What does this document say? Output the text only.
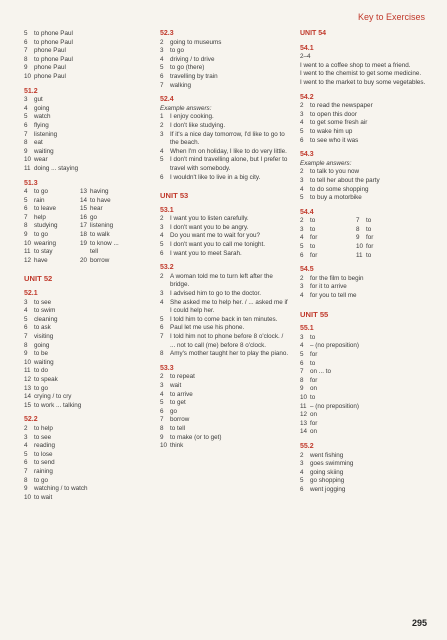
Key to Exercises
5	to phone Paul
6	to phone Paul
7	phone Paul
8	to phone Paul
9	phone Paul
10 phone Paul
51.2
3	gut
4	going
5	watch
6	flying
7	listening
8	eat
9	waiting
10 wear
11 doing ... staying
51.3
4	to go	13 having
5	rain	14 to have
6	to leave	15 hear
7	help	16 go
8	studying	17 listening
9	to go	18 to walk
10 wearing	19 to know ...
11 to stay	tell
12 have	20 borrow
UNIT 52
52.1
3	to see
4	to swim
5	cleaning
6	to ask
7	visiting
8	going
9	to be
10 waiting
11 to do
12 to speak
13 to go
14 crying / to cry
15 to work ... talking
52.2
2	to help
3	to see
4	reading
5	to lose
6	to send
7	raining
8	to go
9	watching / to watch
10 to wait
52.3
2	going to museums
3	to go
4	driving / to drive
5	to go (there)
6	travelling by train
7	walking
52.4
Example answers:
1	I enjoy cooking.
2	I don't like studying.
3	If it's a nice day tomorrow, I'd like to go to the beach.
4	When I'm on holiday, I like to do very little.
5	I don't mind travelling alone, but I prefer to travel with somebody.
6	I wouldn't like to live in a big city.
UNIT 53
53.1
2	I want you to listen carefully.
3	I don't want you to be angry.
4	Do you want me to wait for you?
5	I don't want you to call me tonight.
6	I want you to meet Sarah.
53.2
2	A woman told me to turn left after the bridge.
3	I advised him to go to the doctor.
4	She asked me to help her. / ... asked me if I could help her.
5	I told him to come back in ten minutes.
6	Paul let me use his phone.
7	I told him not to phone before 8 o'clock. / ... not to call (me) before 8 o'clock.
8	Amy's mother taught her to play the piano.
53.3
2	to repeat
3	wait
4	to arrive
5	to get
6	go
7	borrow
8	to tell
9	to make (or to get)
10 think
UNIT 54
54.1
2–4
I went to a coffee shop to meet a friend.
I went to the chemist to get some medicine.
I went to the market to buy some vegetables.
54.2
2	to read the newspaper
3	to open this door
4	to get some fresh air
5	to wake him up
6	to see who it was
54.3
Example answers:
2	to talk to you now
3	to tell her about the party
4	to do some shopping
5	to buy a motorbike
54.4
2	to	7	to
3	to	8	to
4	for	9	for
5	to	10 for
6	for	11 to
54.5
2	for the film to begin
3	for it to arrive
4	for you to tell me
UNIT 55
55.1
3	to
4	– (no preposition)
5	for
6	to
7	on ... to
8	for
9	on
10 to
11 – (no preposition)
12 on
13 for
14 on
55.2
2	went fishing
3	goes swimming
4	going skiing
5	go shopping
6	went jogging
295
